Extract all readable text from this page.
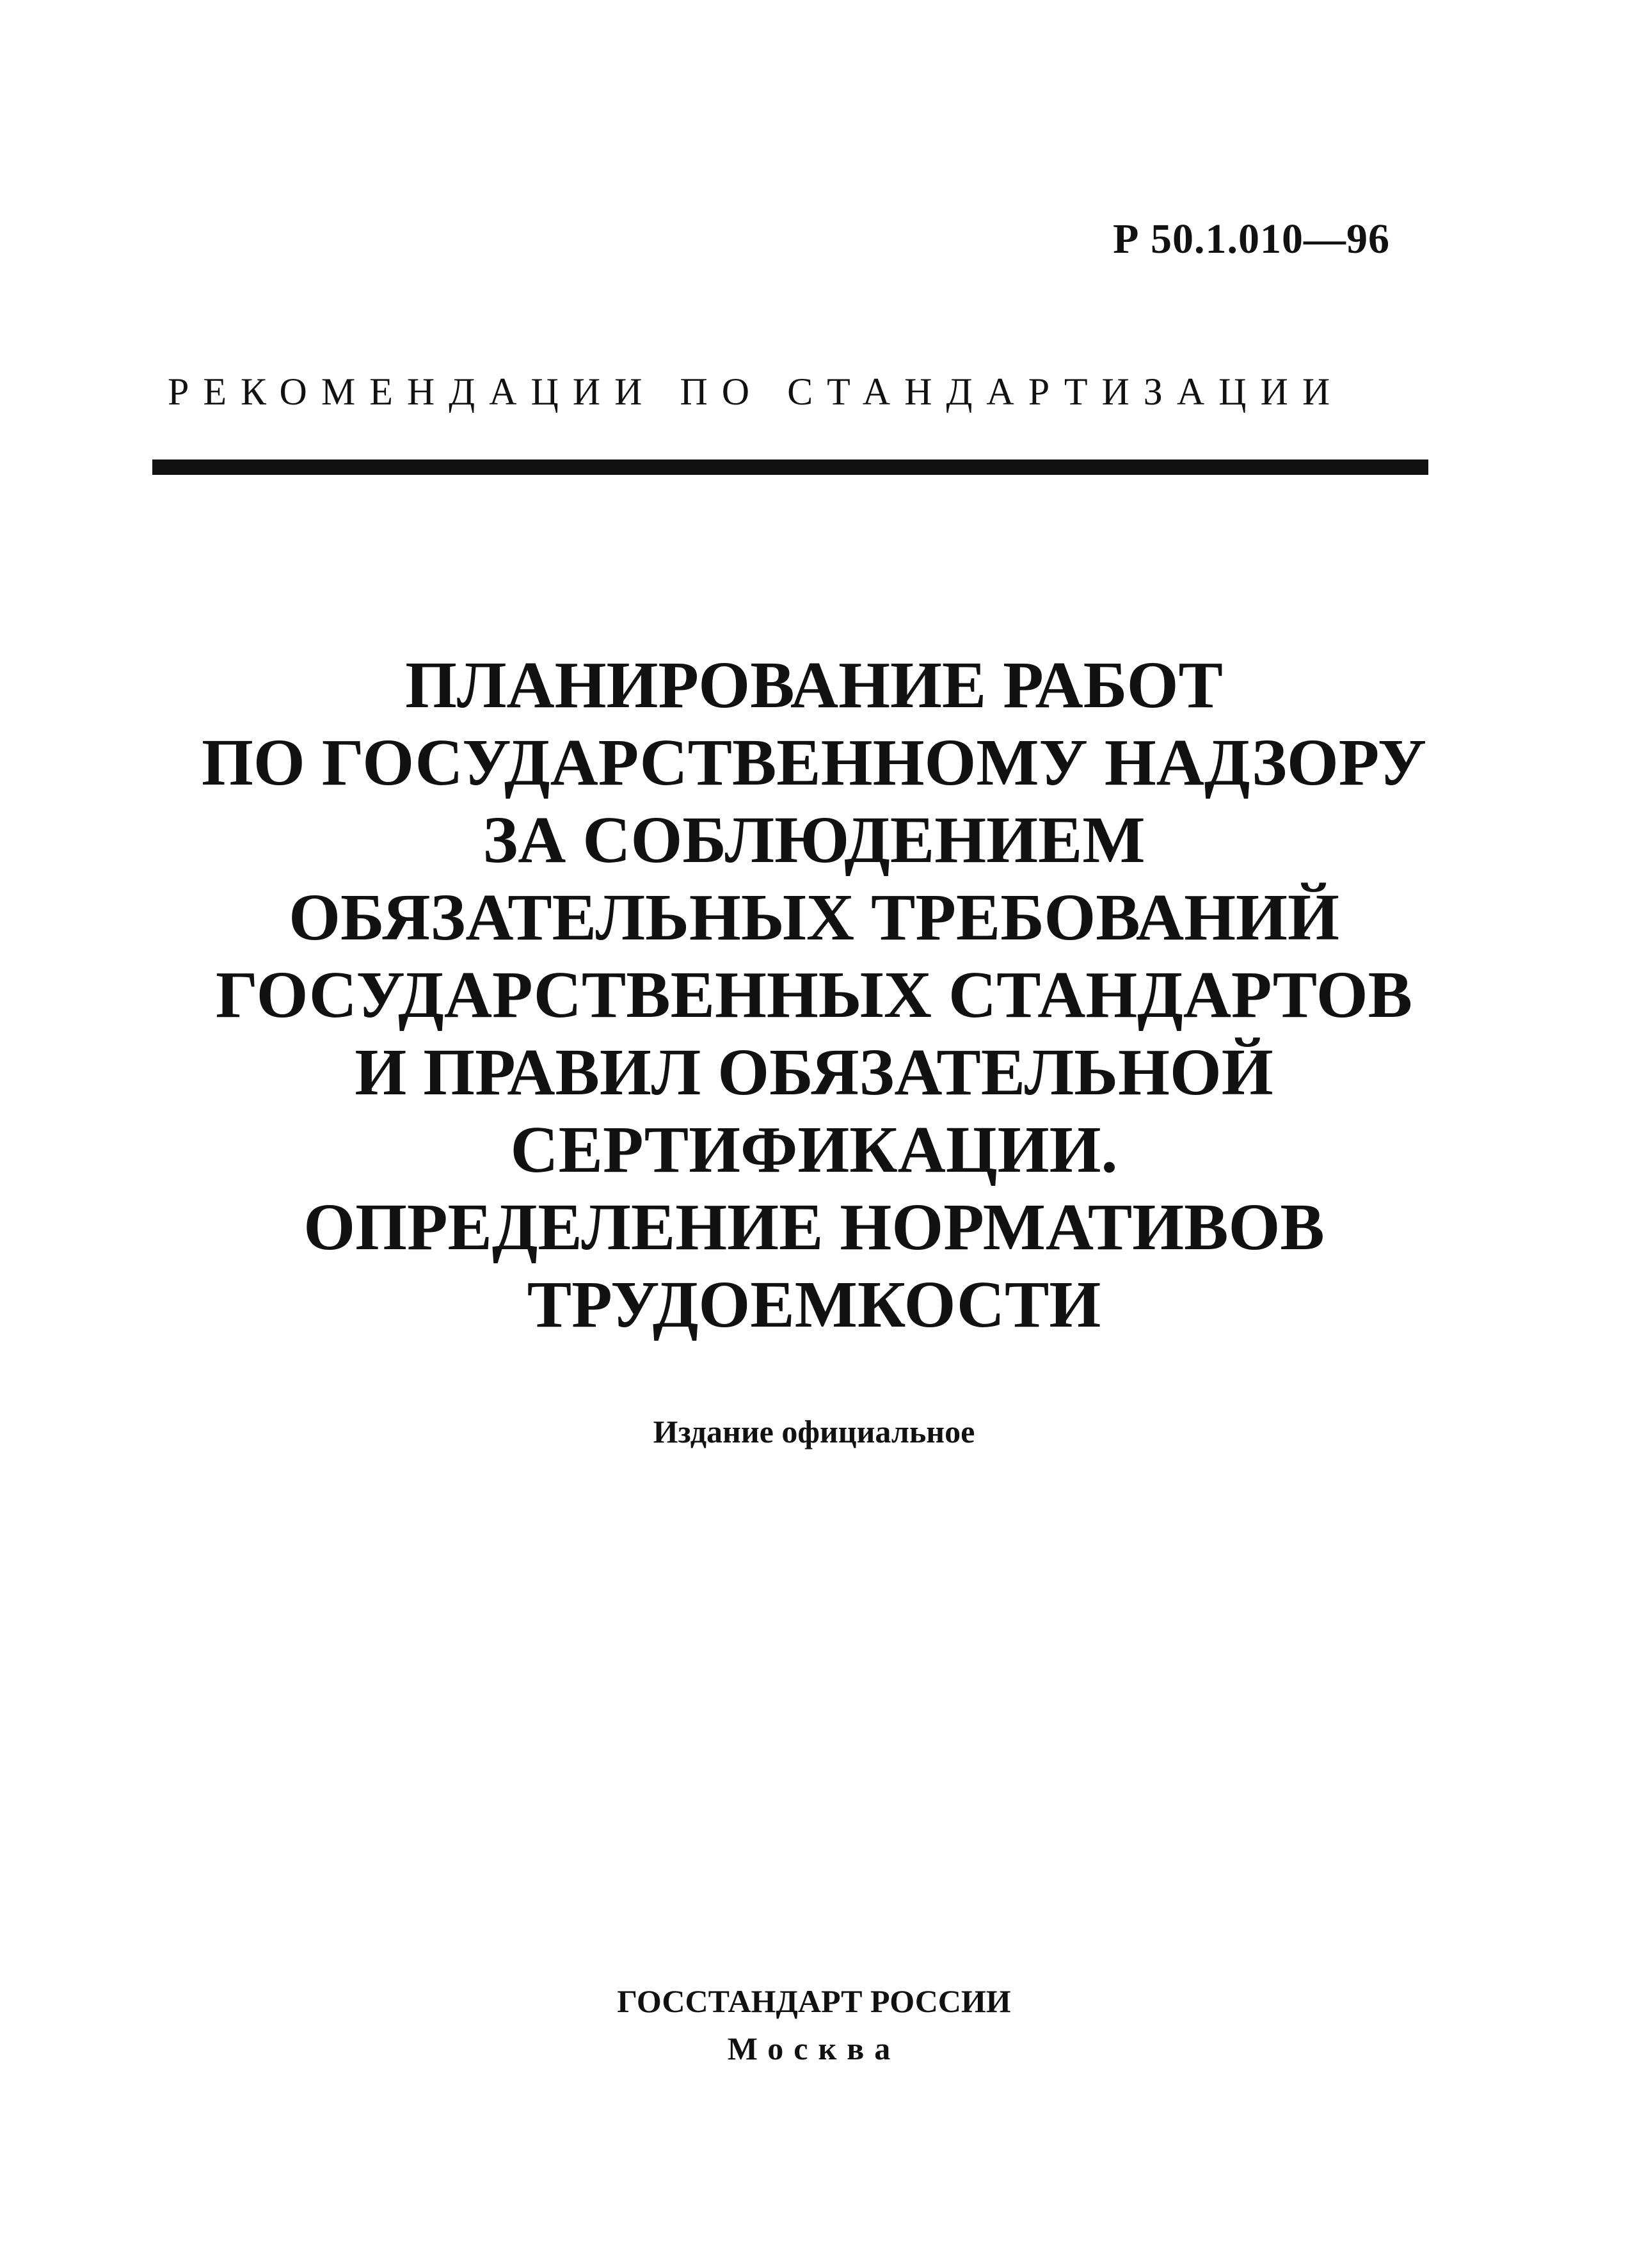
Р 50.1.010—96
РЕКОМЕНДАЦИИ ПО СТАНДАРТИЗАЦИИ
ПЛАНИРОВАНИЕ РАБОТ
ПО ГОСУДАРСТВЕННОМУ НАДЗОРУ
ЗА СОБЛЮДЕНИЕМ
ОБЯЗАТЕЛЬНЫХ ТРЕБОВАНИЙ
ГОСУДАРСТВЕННЫХ СТАНДАРТОВ
И ПРАВИЛ ОБЯЗАТЕЛЬНОЙ
СЕРТИФИКАЦИИ.
ОПРЕДЕЛЕНИЕ НОРМАТИВОВ
ТРУДОЕМКОСТИ
Издание официальное
ГОССТАНДАРТ РОССИИ
Москва
